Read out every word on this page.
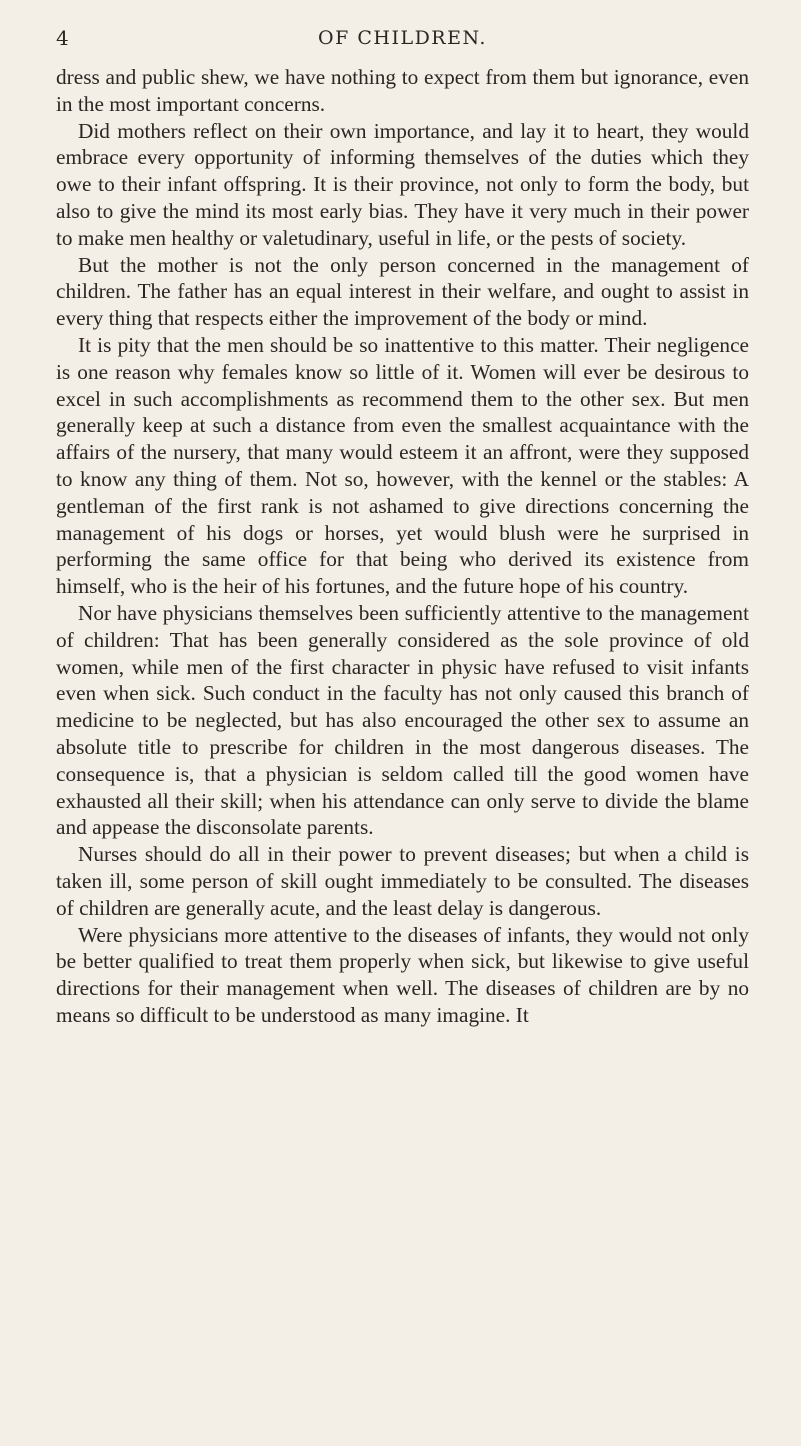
4	OF CHILDREN.

dress and public shew, we have nothing to expect from them but ignorance, even in the most important concerns.

Did mothers reflect on their own importance, and lay it to heart, they would embrace every opportunity of informing themselves of the duties which they owe to their infant offspring. It is their province, not only to form the body, but also to give the mind its most early bias. They have it very much in their power to make men healthy or valetudinary, useful in life, or the pests of society.

But the mother is not the only person concerned in the management of children. The father has an equal interest in their welfare, and ought to assist in every thing that respects either the improvement of the body or mind.

It is pity that the men should be so inattentive to this matter. Their negligence is one reason why females know so little of it. Women will ever be desirous to excel in such accomplishments as recommend them to the other sex. But men generally keep at such a distance from even the smallest acquaintance with the affairs of the nursery, that many would esteem it an affront, were they supposed to know any thing of them. Not so, however, with the kennel or the stables: A gentleman of the first rank is not ashamed to give directions concerning the management of his dogs or horses, yet would blush were he surprised in performing the same office for that being who derived its existence from himself, who is the heir of his fortunes, and the future hope of his country.

Nor have physicians themselves been sufficiently attentive to the management of children: That has been generally considered as the sole province of old women, while men of the first character in physic have refused to visit infants even when sick. Such conduct in the faculty has not only caused this branch of medicine to be neglected, but has also encouraged the other sex to assume an absolute title to prescribe for children in the most dangerous diseases. The consequence is, that a physician is seldom called till the good women have exhausted all their skill; when his attendance can only serve to divide the blame and appease the disconsolate parents.

Nurses should do all in their power to prevent diseases; but when a child is taken ill, some person of skill ought immediately to be consulted. The diseases of children are generally acute, and the least delay is dangerous.

Were physicians more attentive to the diseases of infants, they would not only be better qualified to treat them properly when sick, but likewise to give useful directions for their management when well. The diseases of children are by no means so difficult to be understood as many imagine. It
